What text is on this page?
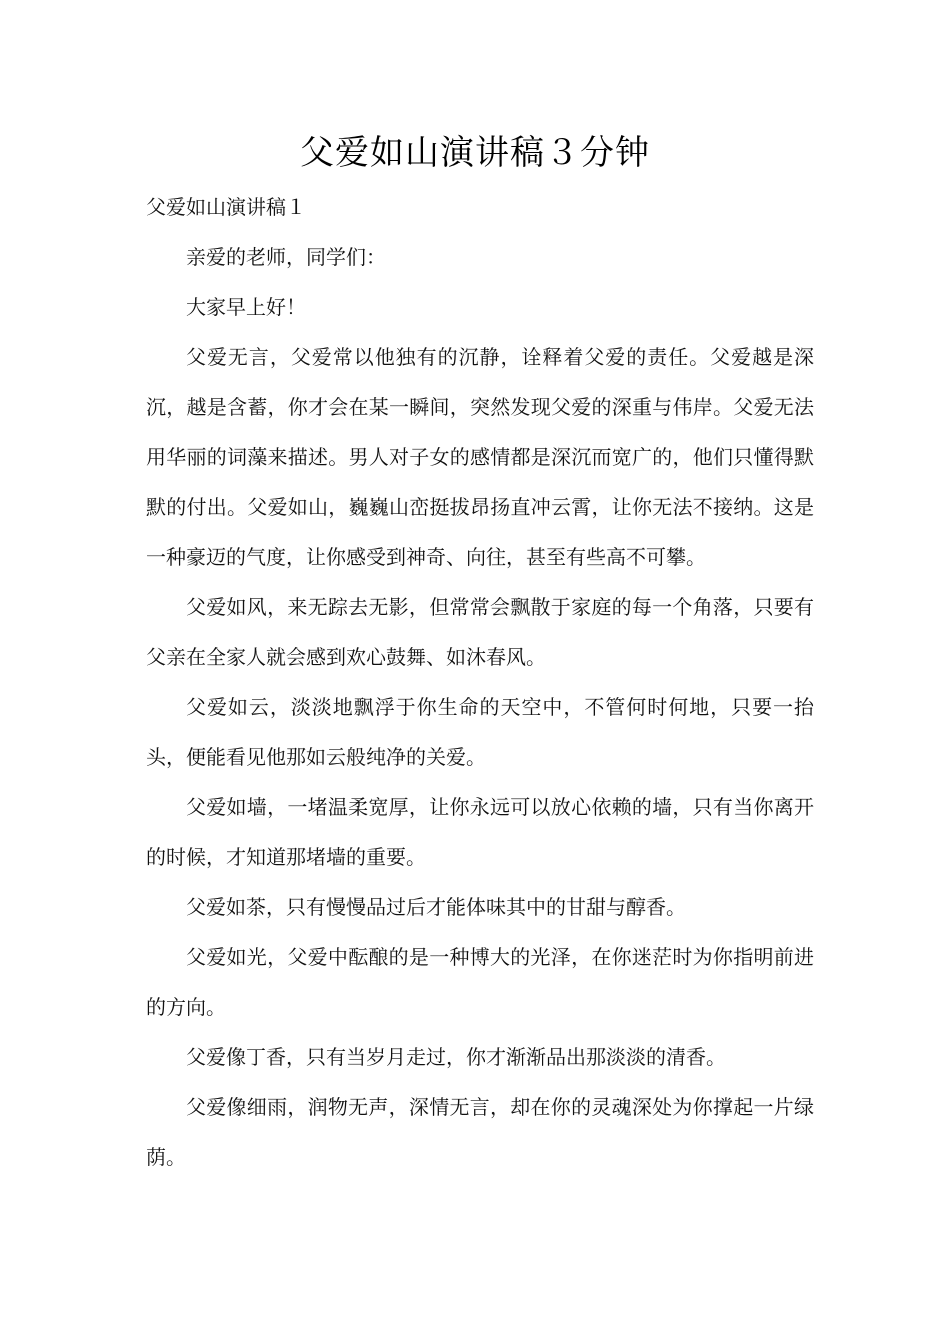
父爱如山演讲稿３分钟

父爱如山演讲稿１

亲爱的老师，同学们：

大家早上好！

父爱无言，父爱常以他独有的沉静，诠释着父爱的责任。父爱越是深沉，越是含蓄，你才会在某一瞬间，突然发现父爱的深重与伟岸。父爱无法用华丽的词藻来描述。男人对子女的感情都是深沉而宽广的，他们只懂得默默的付出。父爱如山，巍巍山峦挺拔昂扬直冲云霄，让你无法不接纳。这是一种豪迈的气度，让你感受到神奇、向往，甚至有些高不可攀。

父爱如风，来无踪去无影，但常常会飘散于家庭的每一个角落，只要有父亲在全家人就会感到欢心鼓舞、如沐春风。

父爱如云，淡淡地飘浮于你生命的天空中，不管何时何地，只要一抬头，便能看见他那如云般纯净的关爱。

父爱如墙，一堵温柔宽厚，让你永远可以放心依赖的墙，只有当你离开的时候，才知道那堵墙的重要。

父爱如茶，只有慢慢品过后才能体味其中的甘甜与醇香。

父爱如光，父爱中酝酿的是一种博大的光泽，在你迷茫时为你指明前进的方向。

父爱像丁香，只有当岁月走过，你才渐渐品出那淡淡的清香。

父爱像细雨，润物无声，深情无言，却在你的灵魂深处为你撑起一片绿荫。
